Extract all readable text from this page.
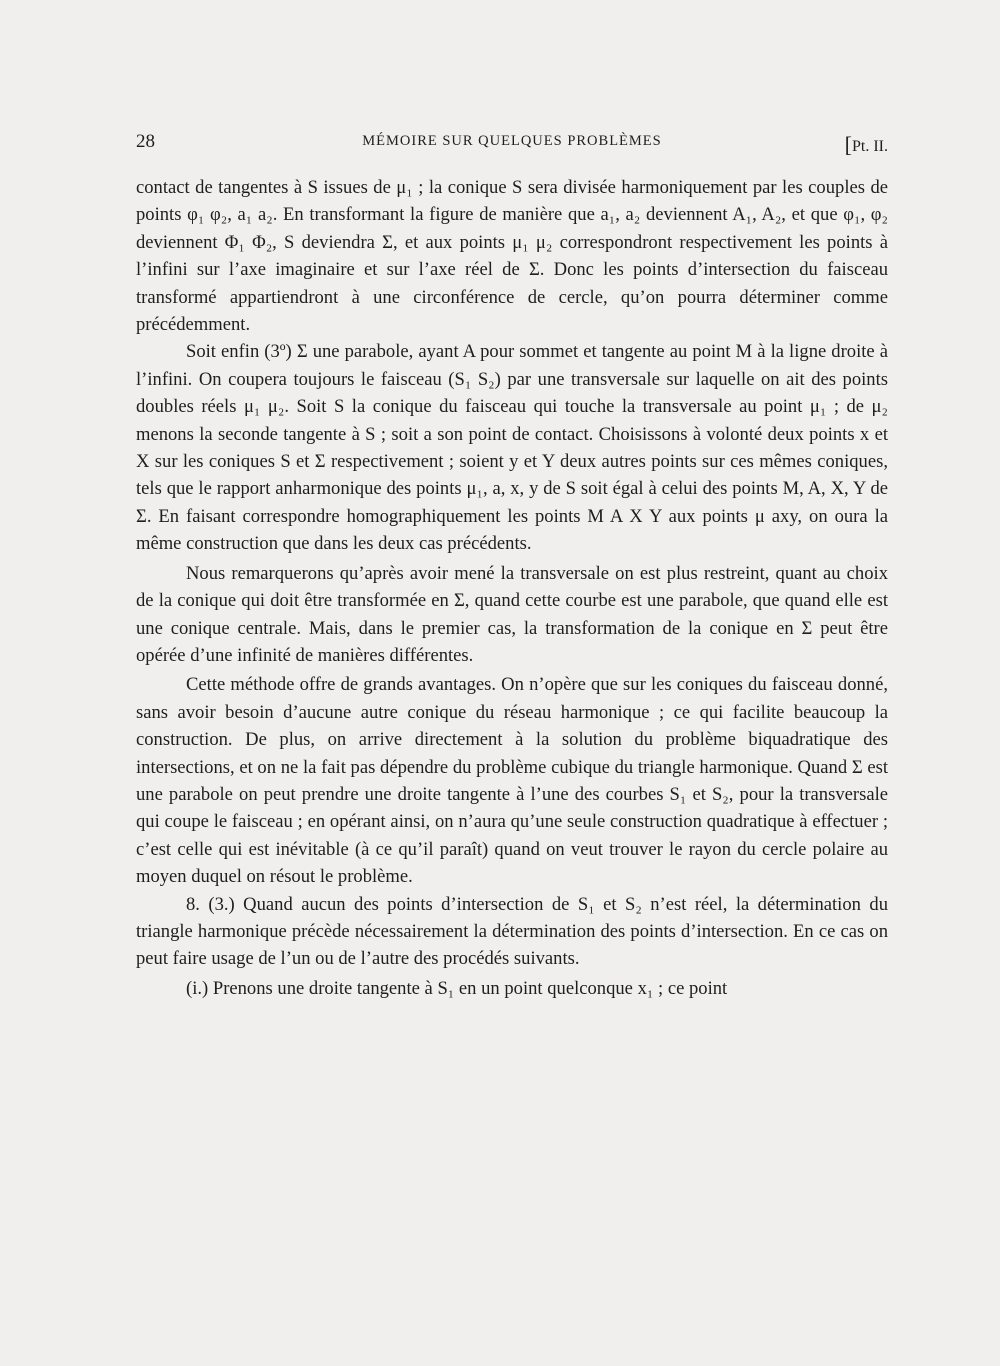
28	MÉMOIRE SUR QUELQUES PROBLÈMES	[Pt. II.

contact de tangentes à S issues de μ₁ ; la conique S sera divisée harmoniquement par les couples de points φ₁ φ₂, a₁ a₂. En transformant la figure de manière que a₁, a₂ deviennent A₁, A₂, et que φ₁, φ₂ deviennent Φ₁ Φ₂, S deviendra Σ, et aux points μ₁ μ₂ correspondront respectivement les points à l’infini sur l’axe imaginaire et sur l’axe réel de Σ. Donc les points d’intersection du faisceau transformé appartiendront à une circonférence de cercle, qu’on pourra déterminer comme précédemment.

Soit enfin (3º) Σ une parabole, ayant A pour sommet et tangente au point M à la ligne droite à l’infini. On coupera toujours le faisceau (S₁ S₂) par une transversale sur laquelle on ait des points doubles réels μ₁ μ₂. Soit S la conique du faisceau qui touche la transversale au point μ₁ ; de μ₂ menons la seconde tangente à S ; soit a son point de contact. Choisissons à volonté deux points x et X sur les coniques S et Σ respectivement ; soient y et Y deux autres points sur ces mêmes coniques, tels que le rapport anharmonique des points μ₁, a, x, y de S soit égal à celui des points M, A, X, Y de Σ. En faisant correspondre homographiquement les points M A X Y aux points μ axy, on oura la même construction que dans les deux cas précédents.

Nous remarquerons qu’après avoir mené la transversale on est plus restreint, quant au choix de la conique qui doit être transformée en Σ, quand cette courbe est une parabole, que quand elle est une conique centrale. Mais, dans le premier cas, la transformation de la conique en Σ peut être opérée d’une infinité de manières différentes.

Cette méthode offre de grands avantages. On n’opère que sur les coniques du faisceau donné, sans avoir besoin d’aucune autre conique du réseau harmonique ; ce qui facilite beaucoup la construction. De plus, on arrive directement à la solution du problème biquadratique des intersections, et on ne la fait pas dépendre du problème cubique du triangle harmonique. Quand Σ est une parabole on peut prendre une droite tangente à l’une des courbes S₁ et S₂, pour la transversale qui coupe le faisceau ; en opérant ainsi, on n’aura qu’une seule construction quadratique à effectuer ; c’est celle qui est inévitable (à ce qu’il paraît) quand on veut trouver le rayon du cercle polaire au moyen duquel on résout le problème.

8. (3.) Quand aucun des points d’intersection de S₁ et S₂ n’est réel, la détermination du triangle harmonique précède nécessairement la détermination des points d’intersection. En ce cas on peut faire usage de l’un ou de l’autre des procédés suivants.

(i.) Prenons une droite tangente à S₁ en un point quelconque x₁ ; ce point
